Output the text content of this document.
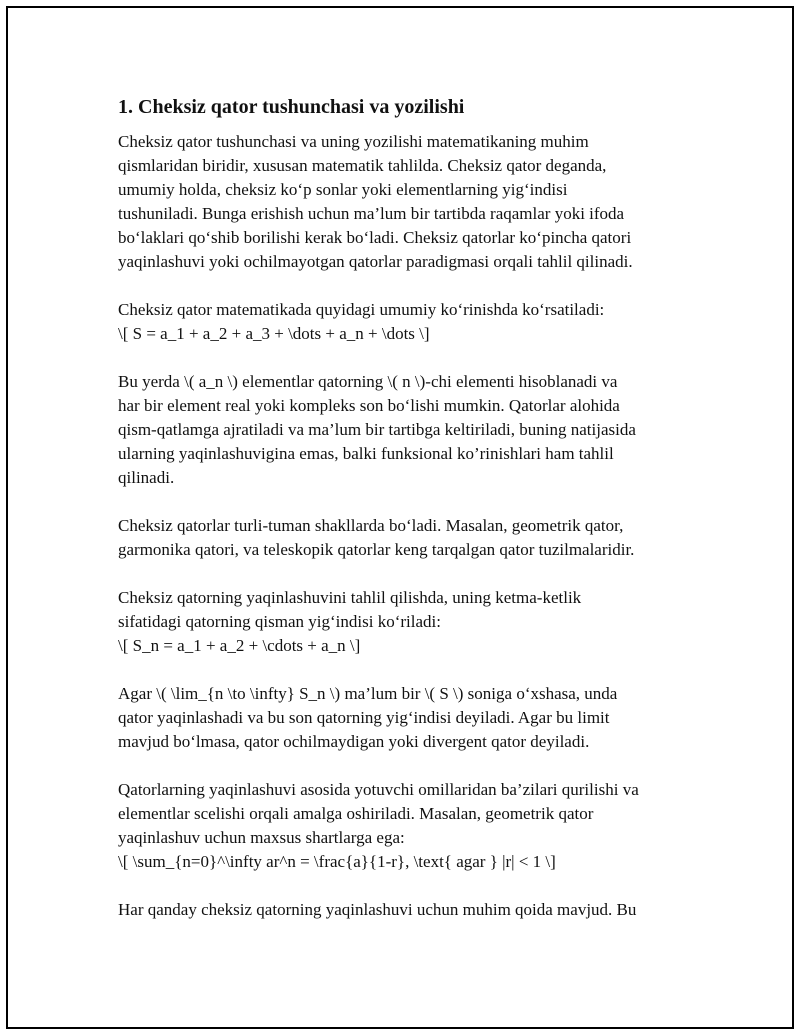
1. Cheksiz qator tushunchasi va yozilishi
Cheksiz qator tushunchasi va uning yozilishi matematikaning muhim
qismlaridan biridir, xususan matematik tahlilda. Cheksiz qator deganda,
umumiy holda, cheksiz ko‘p sonlar yoki elementlarning yig‘indisi
tushuniladi. Bunga erishish uchun ma’lum bir tartibda raqamlar yoki ifoda
bo‘laklari qo‘shib borilishi kerak bo‘ladi. Cheksiz qatorlar ko‘pincha qatori
yaqinlashuvi yoki ochilmayotgan qatorlar paradigmasi orqali tahlil qilinadi.
Cheksiz qator matematikada quyidagi umumiy ko‘rinishda ko‘rsatiladi:
\[ S = a_1 + a_2 + a_3 + \dots + a_n + \dots \]
Bu yerda \( a_n \) elementlar qatorning \( n \)-chi elementi hisoblanadi va
har bir element real yoki kompleks son bo‘lishi mumkin. Qatorlar alohida
qism-qatlamga ajratiladi va ma’lum bir tartibga keltiriladi, buning natijasida
ularning yaqinlashuvigina emas, balki funksional ko’rinishlari ham tahlil
qilinadi.
Cheksiz qatorlar turli-tuman shakllarda bo‘ladi. Masalan, geometrik qator,
garmonika qatori, va teleskopik qatorlar keng tarqalgan qator tuzilmalaridir.
Cheksiz qatorning yaqinlashuvini tahlil qilishda, uning ketma-ketlik
sifatidagi qatorning qisman yig‘indisi ko‘riladi:
\[ S_n = a_1 + a_2 + \cdots + a_n \]
Agar \( \lim_{n \to \infty} S_n \) ma’lum bir \( S \) soniga o‘xshasa, unda
qator yaqinlashadi va bu son qatorning yig‘indisi deyiladi. Agar bu limit
mavjud bo‘lmasa, qator ochilmaydigan yoki divergent qator deyiladi.
Qatorlarning yaqinlashuvi asosida yotuvchi omillaridan ba’zilari qurilishi va
elementlar scelishi orqali amalga oshiriladi. Masalan, geometrik qator
yaqinlashuv uchun maxsus shartlarga ega:
\[ \sum_{n=0}^\infty ar^n = \frac{a}{1-r}, \text{ agar } |r| < 1 \]
Har qanday cheksiz qatorning yaqinlashuvi uchun muhim qoida mavjud. Bu
